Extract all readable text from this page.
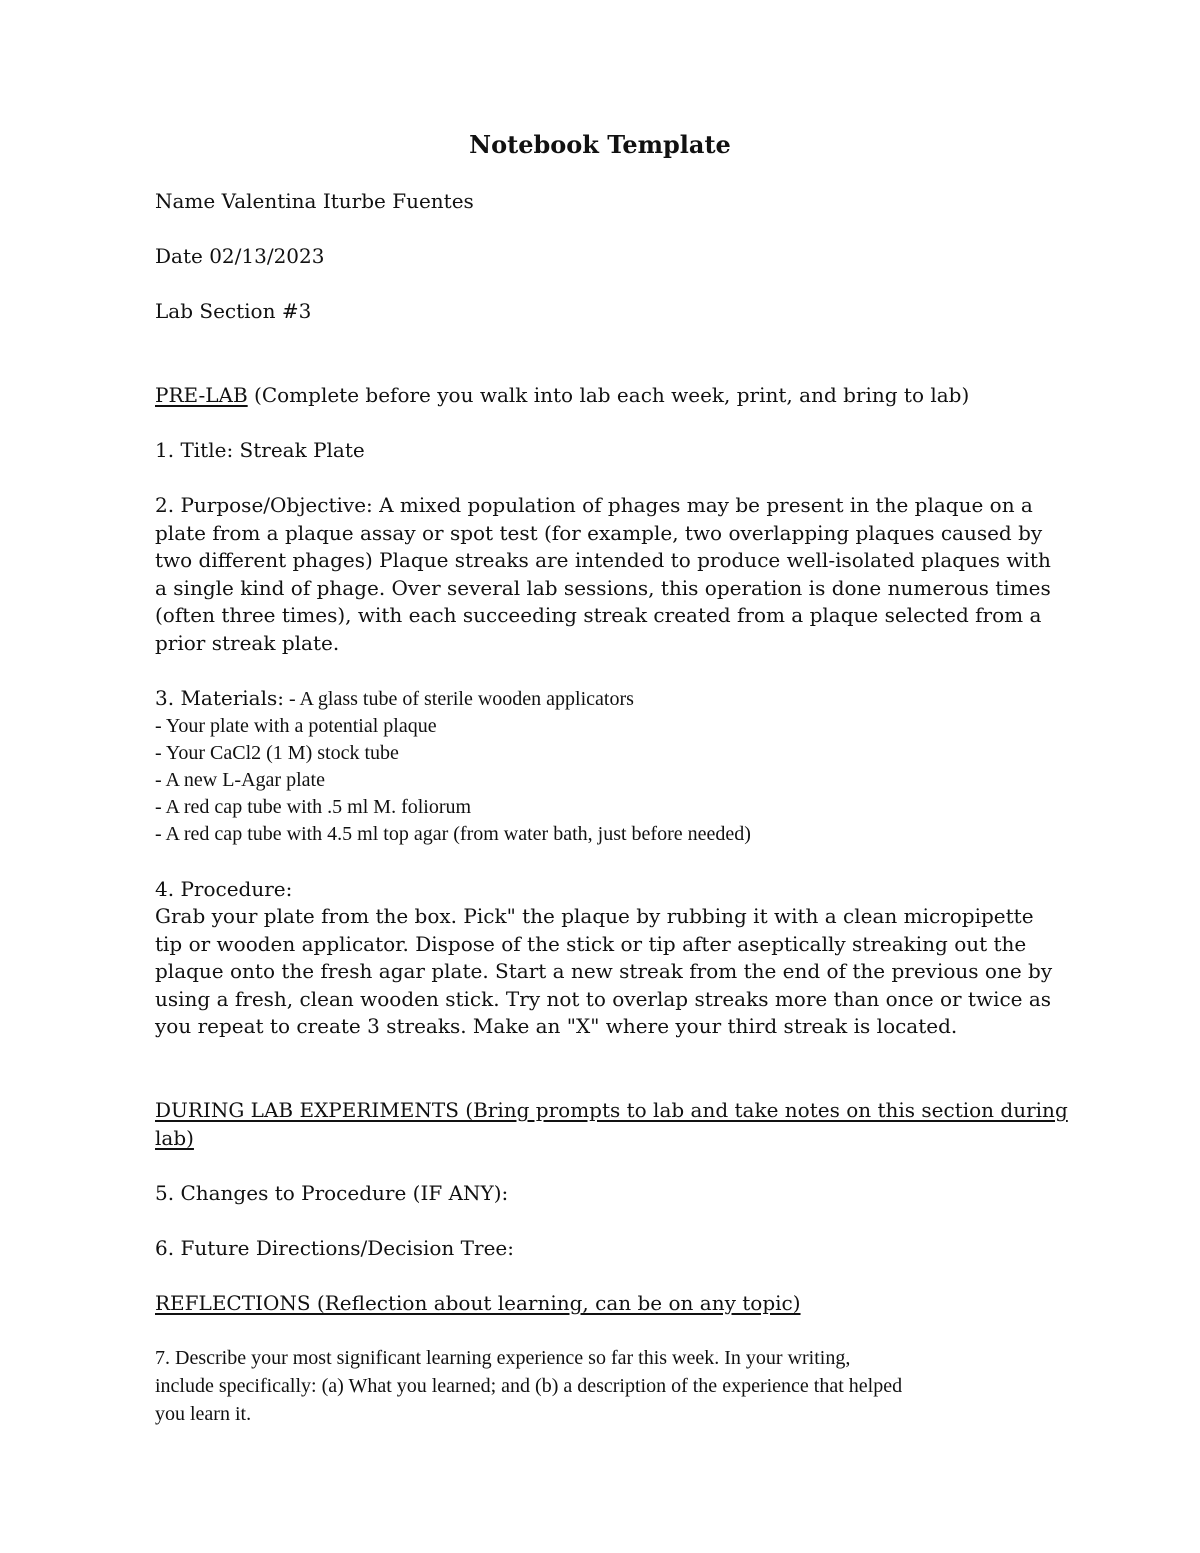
Notebook Template
Name Valentina Iturbe Fuentes
Date 02/13/2023
Lab Section #3
PRE-LAB (Complete before you walk into lab each week, print, and bring to lab)
1. Title: Streak Plate
2. Purpose/Objective: A mixed population of phages may be present in the plaque on a
plate from a plaque assay or spot test (for example, two overlapping plaques caused by
two different phages) Plaque streaks are intended to produce well-isolated plaques with
a single kind of phage. Over several lab sessions, this operation is done numerous times
(often three times), with each succeeding streak created from a plaque selected from a
prior streak plate.
3. Materials: - A glass tube of sterile wooden applicators
- Your plate with a potential plaque
- Your CaCl2 (1 M) stock tube
- A new L-Agar plate
- A red cap tube with .5 ml M. foliorum
- A red cap tube with 4.5 ml top agar (from water bath, just before needed)
4. Procedure:
Grab your plate from the box. Pick" the plaque by rubbing it with a clean micropipette
tip or wooden applicator. Dispose of the stick or tip after aseptically streaking out the
plaque onto the fresh agar plate. Start a new streak from the end of the previous one by
using a fresh, clean wooden stick. Try not to overlap streaks more than once or twice as
you repeat to create 3 streaks. Make an "X" where your third streak is located.
DURING LAB EXPERIMENTS (Bring prompts to lab and take notes on this section during
lab)
5. Changes to Procedure (IF ANY):
6. Future Directions/Decision Tree:
REFLECTIONS (Reflection about learning, can be on any topic)
7. Describe your most significant learning experience so far this week. In your writing,
include specifically: (a) What you learned; and (b) a description of the experience that helped
you learn it.
